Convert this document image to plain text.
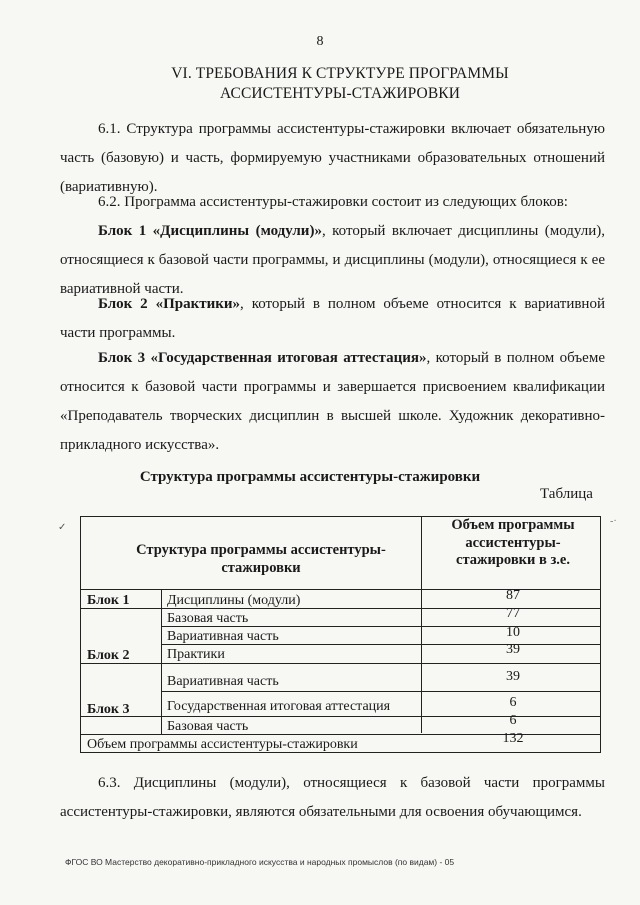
8
VI. ТРЕБОВАНИЯ К СТРУКТУРЕ ПРОГРАММЫ
АССИСТЕНТУРЫ-СТАЖИРОВКИ
6.1. Структура программы ассистентуры-стажировки включает обязательную часть (базовую) и часть, формируемую участниками образовательных отношений (вариативную).
6.2. Программа ассистентуры-стажировки состоит из следующих блоков:
Блок 1 «Дисциплины (модули)», который включает дисциплины (модули), относящиеся к базовой части программы, и дисциплины (модули), относящиеся к ее вариативной части.
Блок 2 «Практики», который в полном объеме относится к вариативной части программы.
Блок 3 «Государственная итоговая аттестация», который в полном объеме относится к базовой части программы и завершается присвоением квалификации «Преподаватель творческих дисциплин в высшей школе. Художник декоративно-прикладного искусства».
Структура программы ассистентуры-стажировки
Таблица
✓
-·
Структура программы ассистентуры-стажировки
Объем программы ассистентуры-стажировки в з.е.
Блок 1	Дисциплины (модули)	87
Базовая часть	77
Вариативная часть	10
Блок 2	Практики	39
Вариативная часть	39
Блок 3	Государственная итоговая аттестация	6
Базовая часть	6
Объем программы ассистентуры-стажировки	132
6.3. Дисциплины (модули), относящиеся к базовой части программы ассистентуры-стажировки, являются обязательными для освоения обучающимся.
ФГОС ВО Мастерство декоративно-прикладного искусства и народных промыслов (по видам) - 05
